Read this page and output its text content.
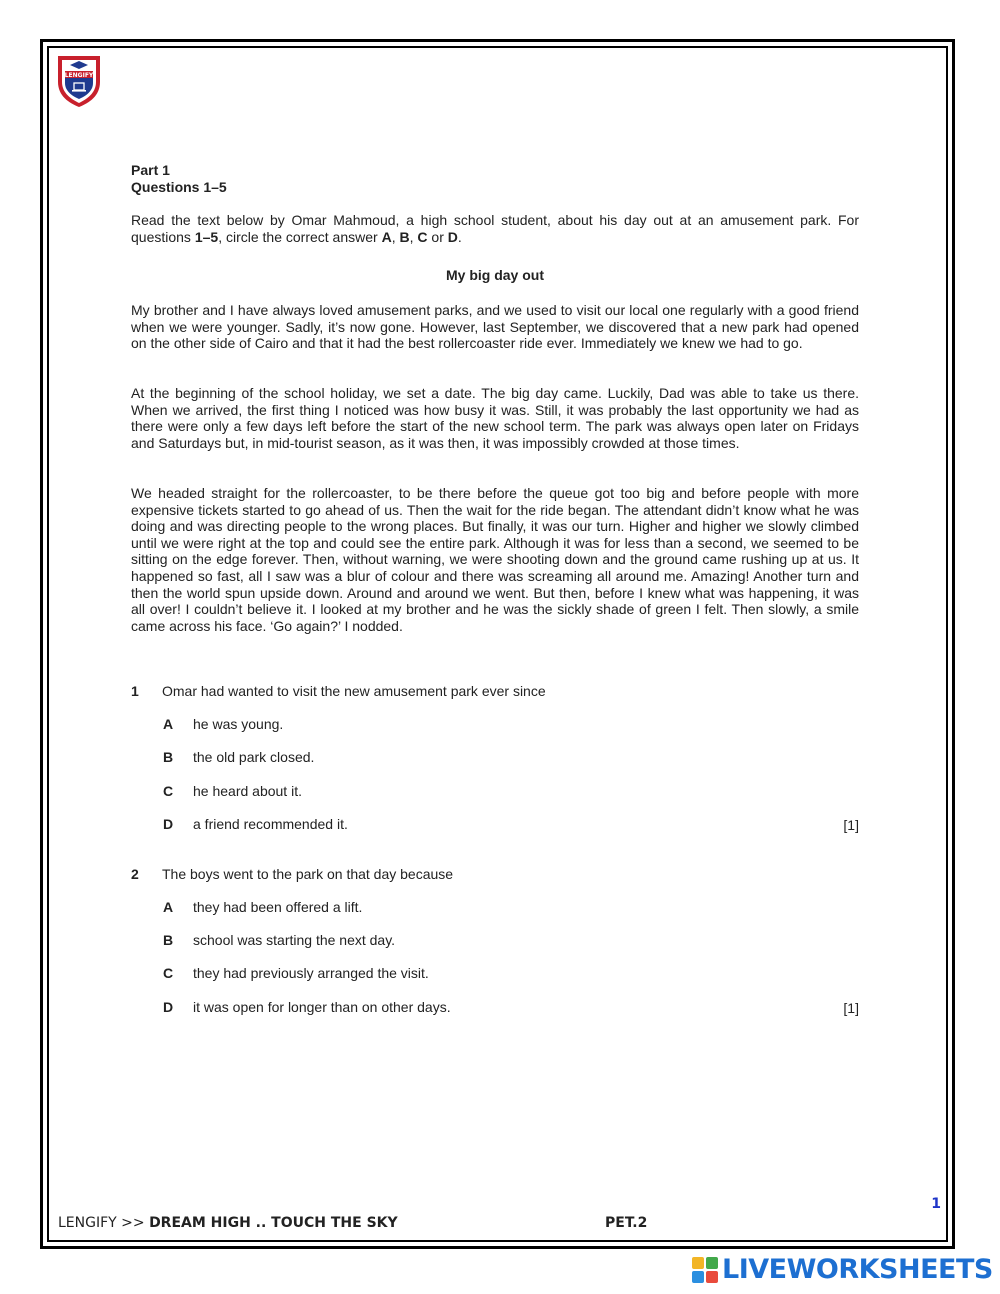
LENGIFY
Part 1
Questions 1–5
Read the text below by Omar Mahmoud, a high school student, about his day out at an amusement park. For questions 1–5, circle the correct answer A, B, C or D.
My big day out
My brother and I have always loved amusement parks, and we used to visit our local one regularly with a good friend when we were younger. Sadly, it’s now gone. However, last September, we discovered that a new park had opened on the other side of Cairo and that it had the best rollercoaster ride ever. Immediately we knew we had to go.
At the beginning of the school holiday, we set a date. The big day came. Luckily, Dad was able to take us there. When we arrived, the first thing I noticed was how busy it was. Still, it was probably the last opportunity we had as there were only a few days left before the start of the new school term. The park was always open later on Fridays and Saturdays but, in mid-tourist season, as it was then, it was impossibly crowded at those times.
We headed straight for the rollercoaster, to be there before the queue got too big and before people with more expensive tickets started to go ahead of us. Then the wait for the ride began. The attendant didn’t know what he was doing and was directing people to the wrong places. But finally, it was our turn. Higher and higher we slowly climbed until we were right at the top and could see the entire park. Although it was for less than a second, we seemed to be sitting on the edge forever. Then, without warning, we were shooting down and the ground came rushing up at us. It happened so fast, all I saw was a blur of colour and there was screaming all around me. Amazing! Another turn and then the world spun upside down. Around and around we went. But then, before I knew what was happening, it was all over! I couldn’t believe it. I looked at my brother and he was the sickly shade of green I felt. Then slowly, a smile came across his face. ‘Go again?’ I nodded.
1 Omar had wanted to visit the new amusement park ever since
A he was young.
B the old park closed.
C he heard about it.
D a friend recommended it.	[1]
2 The boys went to the park on that day because
A they had been offered a lift.
B school was starting the next day.
C they had previously arranged the visit.
D it was open for longer than on other days.	[1]
1
LENGIFY >> DREAM HIGH .. TOUCH THE SKY	PET.2
LIVEWORKSHEETS
